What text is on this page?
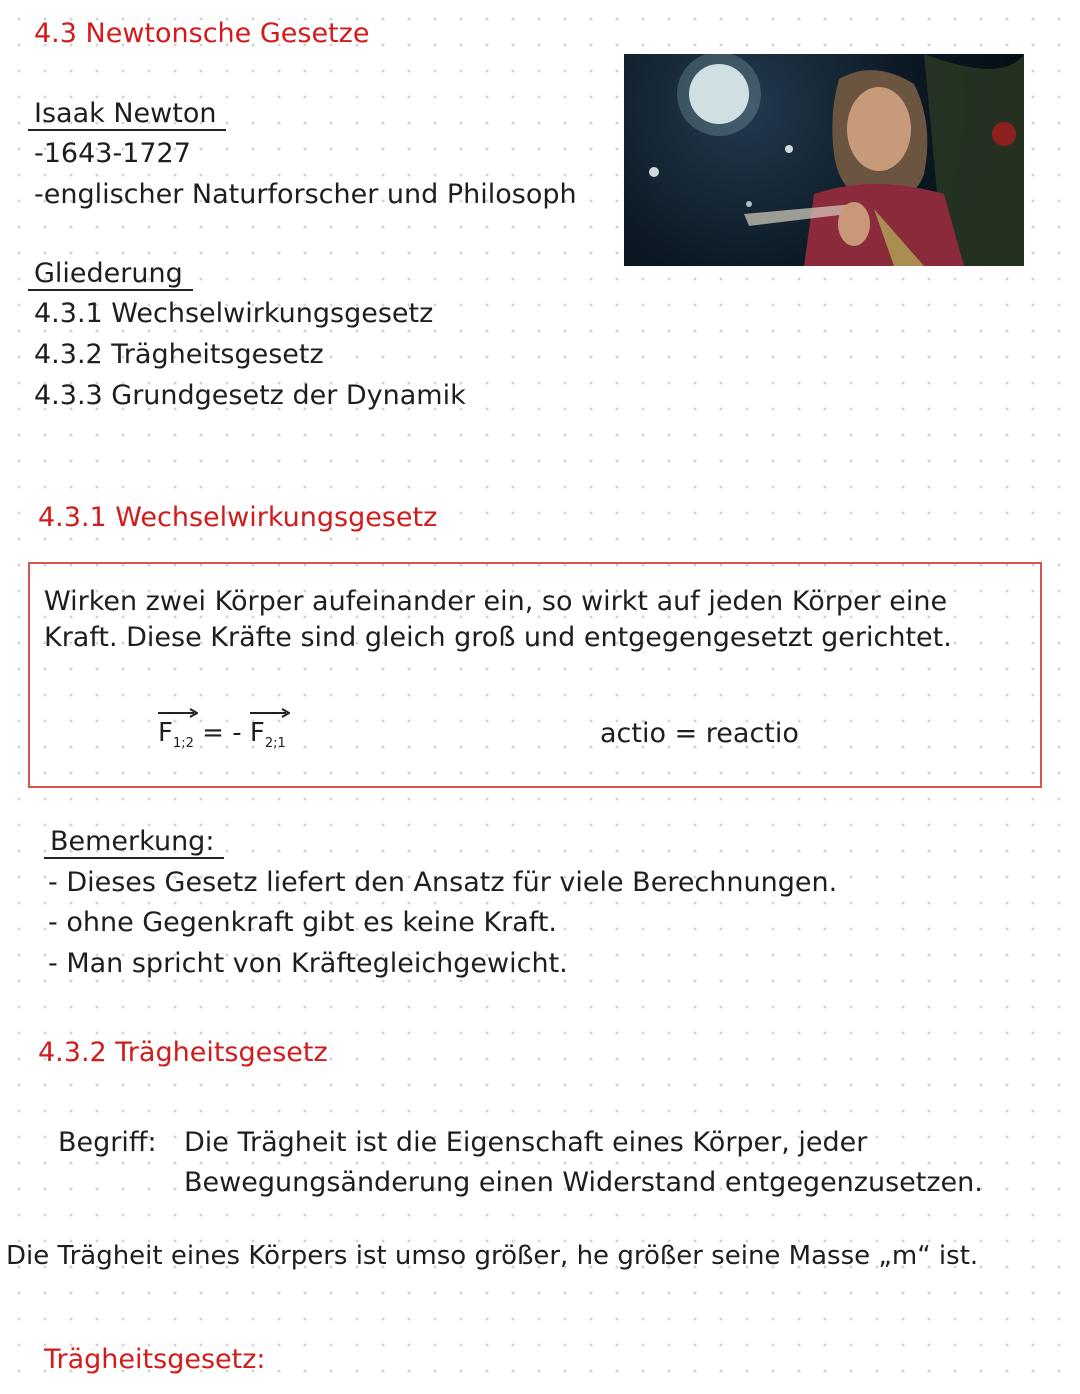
4.3 Newtonsche Gesetze
Isaak Newton
-1643-1727
-englischer Naturforscher und Philosoph
Gliederung
4.3.1 Wechselwirkungsgesetz
4.3.2 Trägheitsgesetz
4.3.3 Grundgesetz der Dynamik
4.3.1 Wechselwirkungsgesetz
Wirken zwei Körper aufeinander ein, so wirkt auf jeden Körper eine
Kraft. Diese Kräfte sind gleich groß und entgegengesetzt gerichtet.
$F_{1;2}$ = -
$F_{2;1}$	actio = reactio
Bemerkung:
- Dieses Gesetz liefert den Ansatz für viele Berechnungen.
- ohne Gegenkraft gibt es keine Kraft.
- Man spricht von Kräftegleichgewicht.
4.3.2 Trägheitsgesetz
Begriff: Die Trägheit ist die Eigenschaft eines Körper, jeder
Bewegungsänderung einen Widerstand entgegenzusetzen.
Die Trägheit eines Körpers ist umso größer, he größer seine Masse „m“ ist.
Trägheitsgesetz:
